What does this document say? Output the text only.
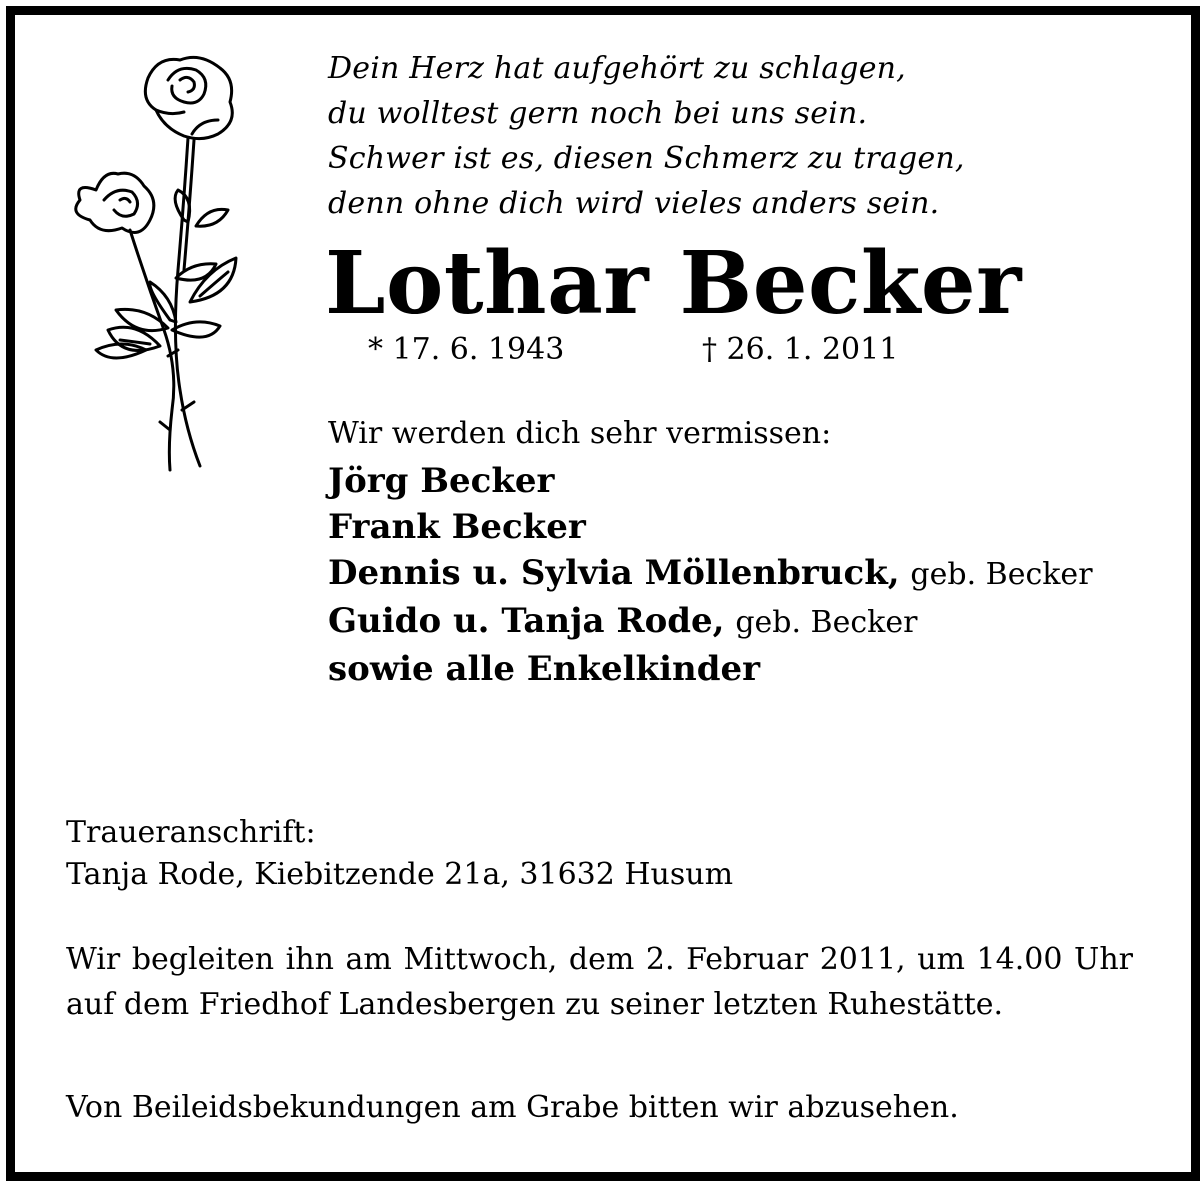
Dein Herz hat aufgehört zu schlagen,
du wolltest gern noch bei uns sein.
Schwer ist es, diesen Schmerz zu tragen,
denn ohne dich wird vieles anders sein.
Lothar Becker
* 17. 6. 1943	† 26. 1. 2011
Wir werden dich sehr vermissen:
Jörg Becker
Frank Becker
Dennis u. Sylvia Möllenbruck, geb. Becker
Guido u. Tanja Rode, geb. Becker
sowie alle Enkelkinder
Traueranschrift:
Tanja Rode, Kiebitzende 21a, 31632 Husum
Wir begleiten ihn am Mittwoch, dem 2. Februar 2011, um 14.00 Uhr auf dem Friedhof Landesbergen zu seiner letzten Ruhestätte.
Von Beileidsbekundungen am Grabe bitten wir abzusehen.
